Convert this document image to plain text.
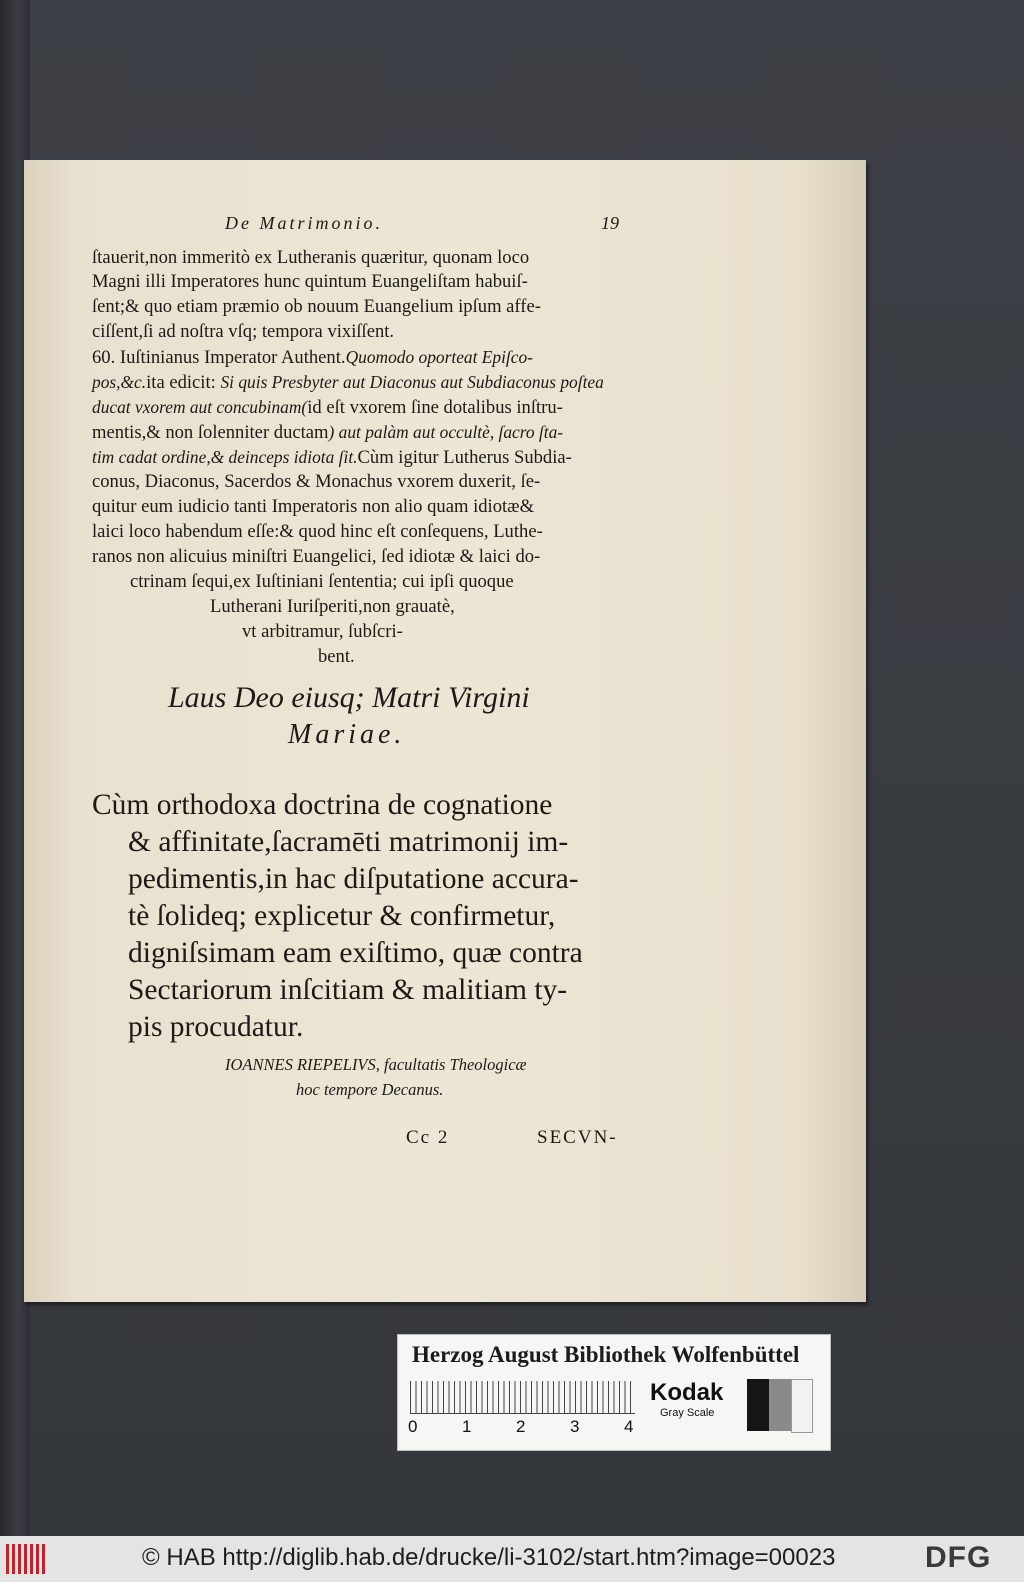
De Matrimonio.	19
ſtauerit,non immeritò ex Lutheranis quæritur, quonam loco
Magni illi Imperatores hunc quintum Euangeliſtam habuiſ-
ſent;& quo etiam præmio ob nouum Euangelium ipſum affe-
ciſſent,ſi ad noſtra vſq; tempora vixiſſent.
60. Iuſtinianus Imperator Authent.Quomodo oporteat Epiſco-
pos,&c.ita edicit: Si quis Presbyter aut Diaconus aut Subdiaconus poſtea
ducat vxorem aut concubinam(id eſt vxorem ſine dotalibus inſtru-
mentis,& non ſolenniter ductam) aut palàm aut occultè, ſacro ſta-
tim cadat ordine,& deinceps idiota ſit.Cùm igitur Lutherus Subdia-
conus, Diaconus, Sacerdos & Monachus vxorem duxerit, ſe-
quitur eum iudicio tanti Imperatoris non alio quam idiotæ&
laici loco habendum eſſe:& quod hinc eſt conſequens, Luthe-
ranos non alicuius miniſtri Euangelici, ſed idiotæ & laici do-
ctrinam ſequi,ex Iuſtiniani ſententia; cui ipſi quoque
Lutherani Iuriſperiti,non grauatè,
vt arbitramur, ſubſcri-
bent.
Laus Deo eiusq; Matri Virgini
Mariae.
Cùm orthodoxa doctrina de cognatione
& affinitate,ſacramēti matrimonij im-
pedimentis,in hac diſputatione accura-
tè ſolideq; explicetur & confirmetur,
digniſsimam eam exiſtimo, quæ contra
Sectariorum inſcitiam & malitiam ty-
pis procudatur.
IOANNES RIEPELIVS, facultatis Theologicæ
hoc tempore Decanus.
Cc 2	SECVN-
Herzog August Bibliothek Wolfenbüttel
0	1	2	3	4
Kodak
Gray Scale
© HAB http://diglib.hab.de/drucke/li-3102/start.htm?image=00023	DFG
